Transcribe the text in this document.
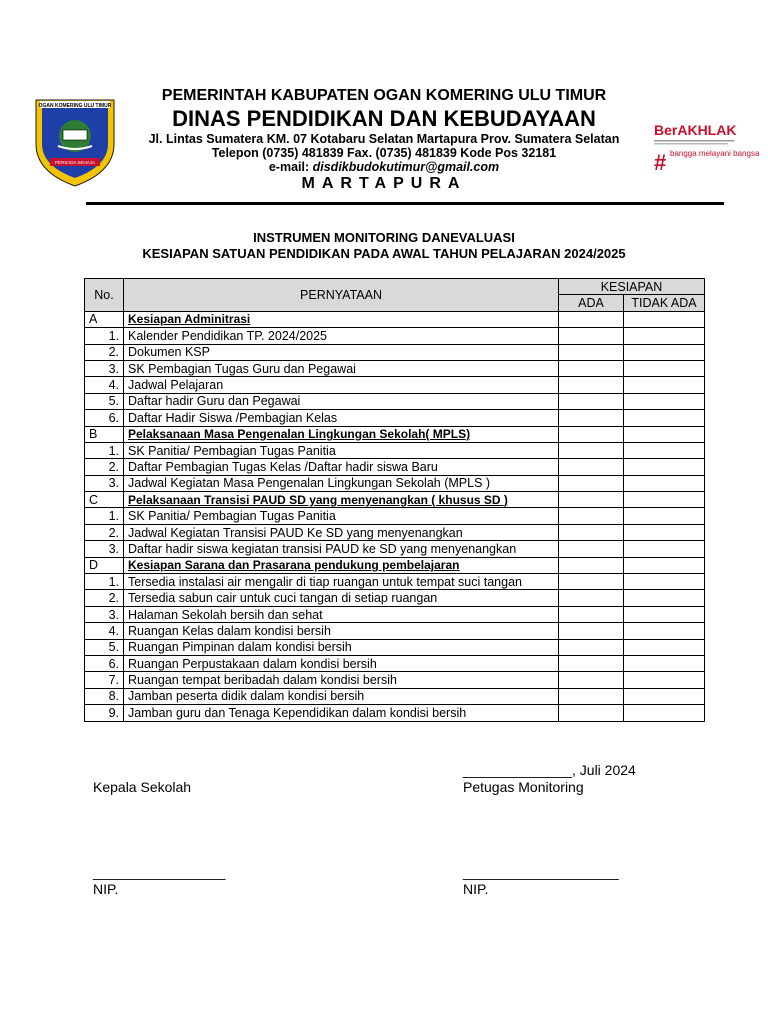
OGAN KOMERING ULU TIMUR
PERSADA SEHAJA
PEMERINTAH KABUPATEN OGAN KOMERING ULU TIMUR
DINAS PENDIDIKAN DAN KEBUDAYAAN
Jl. Lintas Sumatera KM. 07 Kotabaru Selatan Martapura Prov. Sumatera Selatan
Telepon (0735) 481839 Fax. (0735) 481839 Kode Pos 32181
e-mail: disdikbudokutimur@gmail.com
MARTAPURA
BerAKHLAK
# bangga melayani bangsa
INSTRUMEN MONITORING DANEVALUASI
KESIAPAN SATUAN PENDIDIKAN PADA AWAL TAHUN PELAJARAN 2024/2025
No.	PERNYATAAN	KESIAPAN	
		ADA	TIDAK ADA
A	Kesiapan Adminitrasi		
1.	Kalender Pendidikan TP. 2024/2025		
2.	Dokumen KSP		
3.	SK Pembagian Tugas Guru dan Pegawai		
4.	Jadwal Pelajaran		
5.	Daftar hadir Guru dan Pegawai		
6.	Daftar Hadir Siswa /Pembagian Kelas		
B	Pelaksanaan Masa Pengenalan Lingkungan Sekolah( MPLS)		
1.	SK Panitia/ Pembagian Tugas Panitia		
2.	Daftar Pembagian Tugas Kelas /Daftar hadir siswa Baru		
3.	Jadwal Kegiatan Masa Pengenalan Lingkungan Sekolah (MPLS )		
C	Pelaksanaan Transisi PAUD SD yang menyenangkan ( khusus SD )		
1.	SK Panitia/ Pembagian Tugas Panitia		
2.	Jadwal Kegiatan Transisi PAUD Ke SD yang menyenangkan		
3.	Daftar hadir siswa kegiatan transisi PAUD ke SD yang menyenangkan		
D	Kesiapan Sarana dan Prasarana pendukung pembelajaran		
1.	Tersedia instalasi air mengalir di tiap ruangan untuk tempat suci tangan		
2.	Tersedia sabun cair untuk cuci tangan di setiap ruangan		
3.	Halaman Sekolah bersih dan sehat		
4.	Ruangan Kelas dalam kondisi bersih		
5.	Ruangan Pimpinan dalam kondisi bersih		
6.	Ruangan Perpustakaan dalam kondisi bersih		
7.	Ruangan tempat beribadah dalam kondisi bersih		
8.	Jamban peserta didik dalam kondisi bersih		
9.	Jamban guru dan Tenaga Kependidikan dalam kondisi bersih		
______________, Juli 2024
Kepala Sekolah	Petugas Monitoring
_________________	____________________
NIP.	NIP.
